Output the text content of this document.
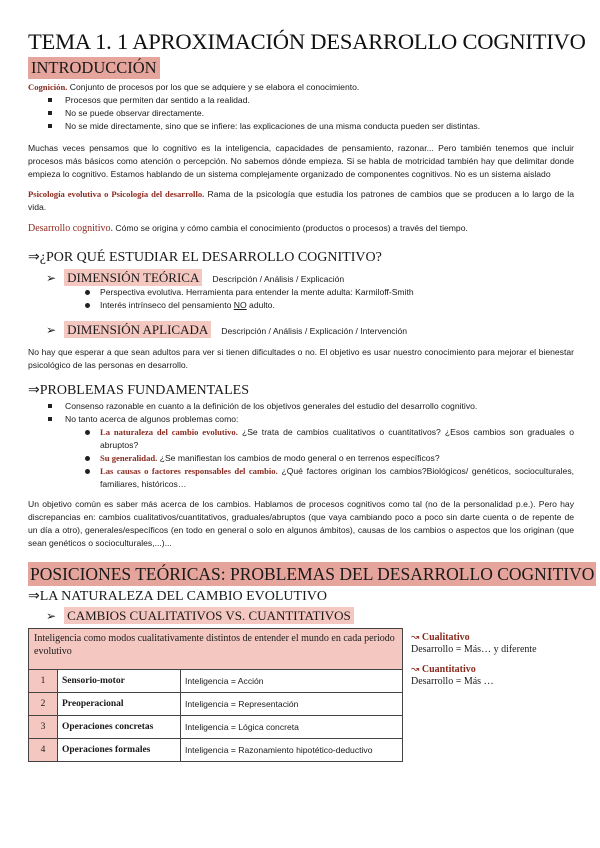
TEMA 1. 1 APROXIMACIÓN DESARROLLO COGNITIVO
INTRODUCCIÓN

Cognición. Conjunto de procesos por los que se adquiere y se elabora el conocimiento.

Procesos que permiten dar sentido a la realidad.
No se puede observar directamente.
No se mide directamente, sino que se infiere: las explicaciones de una misma conducta pueden ser distintas.

Muchas veces pensamos que lo cognitivo es la inteligencia, capacidades de pensamiento, razonar... Pero también tenemos que incluir procesos más básicos como atención o percepción. No sabemos dónde empieza. Si se habla de motricidad también hay que delimitar donde empieza lo cognitivo. Estamos hablando de un sistema complejamente organizado de componentes cognitivos. No es un sistema aislado

Psicología evolutiva o Psicología del desarrollo. Rama de la psicología que estudia los patrones de cambios que se producen a lo largo de la vida.

Desarrollo cognitivo. Cómo se origina y cómo cambia el conocimiento (productos o procesos) a través del tiempo.

⇒¿POR QUÉ ESTUDIAR EL DESARROLLO COGNITIVO?
➢ DIMENSIÓN TEÓRICA	Descripción / Análisis / Explicación
Perspectiva evolutiva. Herramienta para entender la mente adulta: Karmiloff-Smith
Interés intrínseco del pensamiento NO adulto.
➢ DIMENSIÓN APLICADA	Descripción / Análisis / Explicación / Intervención

No hay que esperar a que sean adultos para ver si tienen dificultades o no. El objetivo es usar nuestro conocimiento para mejorar el bienestar psicológico de las personas en desarrollo.

⇒PROBLEMAS FUNDAMENTALES
Consenso razonable en cuanto a la definición de los objetivos generales del estudio del desarrollo cognitivo.
No tanto acerca de algunos problemas como:
La naturaleza del cambio evolutivo. ¿Se trata de cambios cualitativos o cuantitativos? ¿Esos cambios son graduales o abruptos?
Su generalidad. ¿Se manifiestan los cambios de modo general o en terrenos específicos?
Las causas o factores responsables del cambio. ¿Qué factores originan los cambios?Biológicos/ genéticos, socioculturales, familiares, históricos…

Un objetivo común es saber más acerca de los cambios. Hablamos de procesos cognitivos como tal (no de la personalidad p.e.). Pero hay discrepancias en: cambios cualitativos/cuantitativos, graduales/abruptos (que vaya cambiando poco a poco sin darte cuenta o de repente de un día a otro), generales/específicos (en todo en general o solo en algunos ámbitos), causas de los cambios o aspectos que los originan (que sean genéticos o socioculturales,...)...

POSICIONES TEÓRICAS: PROBLEMAS DEL DESARROLLO COGNITIVO
⇒LA NATURALEZA DEL CAMBIO EVOLUTIVO
➢ CAMBIOS CUALITATIVOS VS. CUANTITATIVOS
Inteligencia como modos cualitativamente distintos de entender el mundo en cada periodo evolutivo		
1	Sensorio-motor	Inteligencia = Acción
2	Preoperacional	Inteligencia = Representación
3	Operaciones concretas	Inteligencia = Lógica concreta
4	Operaciones formales	Inteligencia = Razonamiento hipotético-deductivo
↝ Cualitativo
Desarrollo = Más… y diferente
↝ Cuantitativo
Desarrollo = Más …
